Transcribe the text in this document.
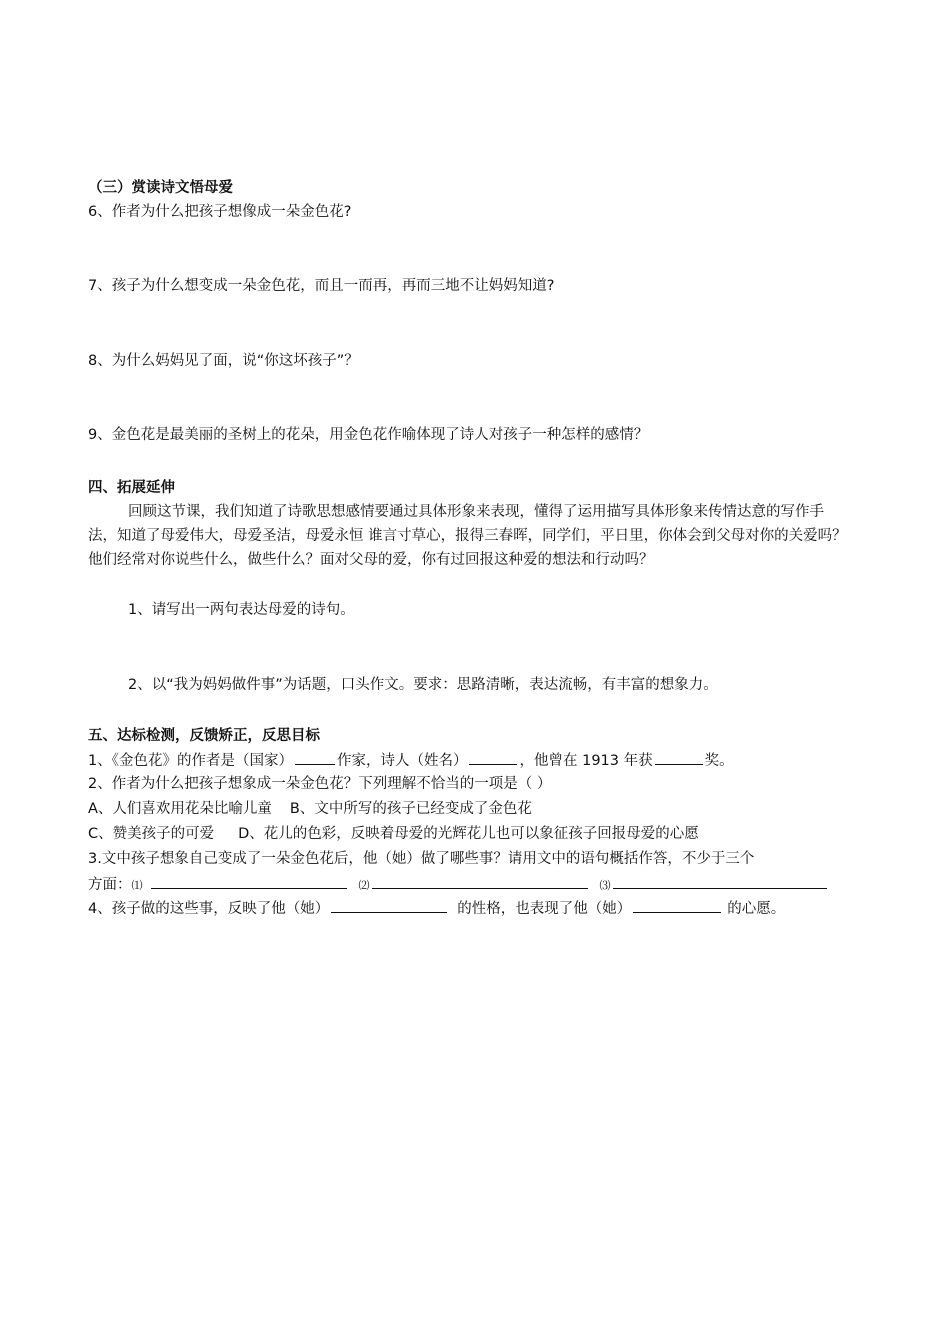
（三）赏读诗文悟母爱
6、作者为什么把孩子想像成一朵金色花?
7、孩子为什么想变成一朵金色花，而且一而再，再而三地不让妈妈知道?
8、为什么妈妈见了面，说“你这坏孩子”？
9、金色花是最美丽的圣树上的花朵，用金色花作喻体现了诗人对孩子一种怎样的感情？
四、拓展延伸
回顾这节课，我们知道了诗歌思想感情要通过具体形象来表现，懂得了运用描写具体形象来传情达意的写作手法，知道了母爱伟大，母爱圣洁，母爱永恒 谁言寸草心，报得三春晖，同学们，平日里，你体会到父母对你的关爱吗？他们经常对你说些什么，做些什么？面对父母的爱，你有过回报这种爱的想法和行动吗？
1、请写出一两句表达母爱的诗句。
2、以“我为妈妈做件事”为话题，口头作文。要求：思路清晰，表达流畅，有丰富的想象力。
五、达标检测，反馈矫正，反思目标
1、《金色花》的作者是（国家）	作家，诗人（姓名）	，他曾在 1913 年获	奖。
2、作者为什么把孩子想象成一朵金色花？下列理解不恰当的一项是（ ）
A、人们喜欢用花朵比喻儿童 B、文中所写的孩子已经变成了金色花
C、赞美孩子的可爱 D、花儿的色彩，反映着母爱的光辉花儿也可以象征孩子回报母爱的心愿
3.文中孩子想象自己变成了一朵金色花后，他（她）做了哪些事？请用文中的语句概括作答，不少于三个
方面：⑴	⑵	⑶
4、孩子做的这些事，反映了他（她）	的性格，也表现了他（她）	的心愿。
